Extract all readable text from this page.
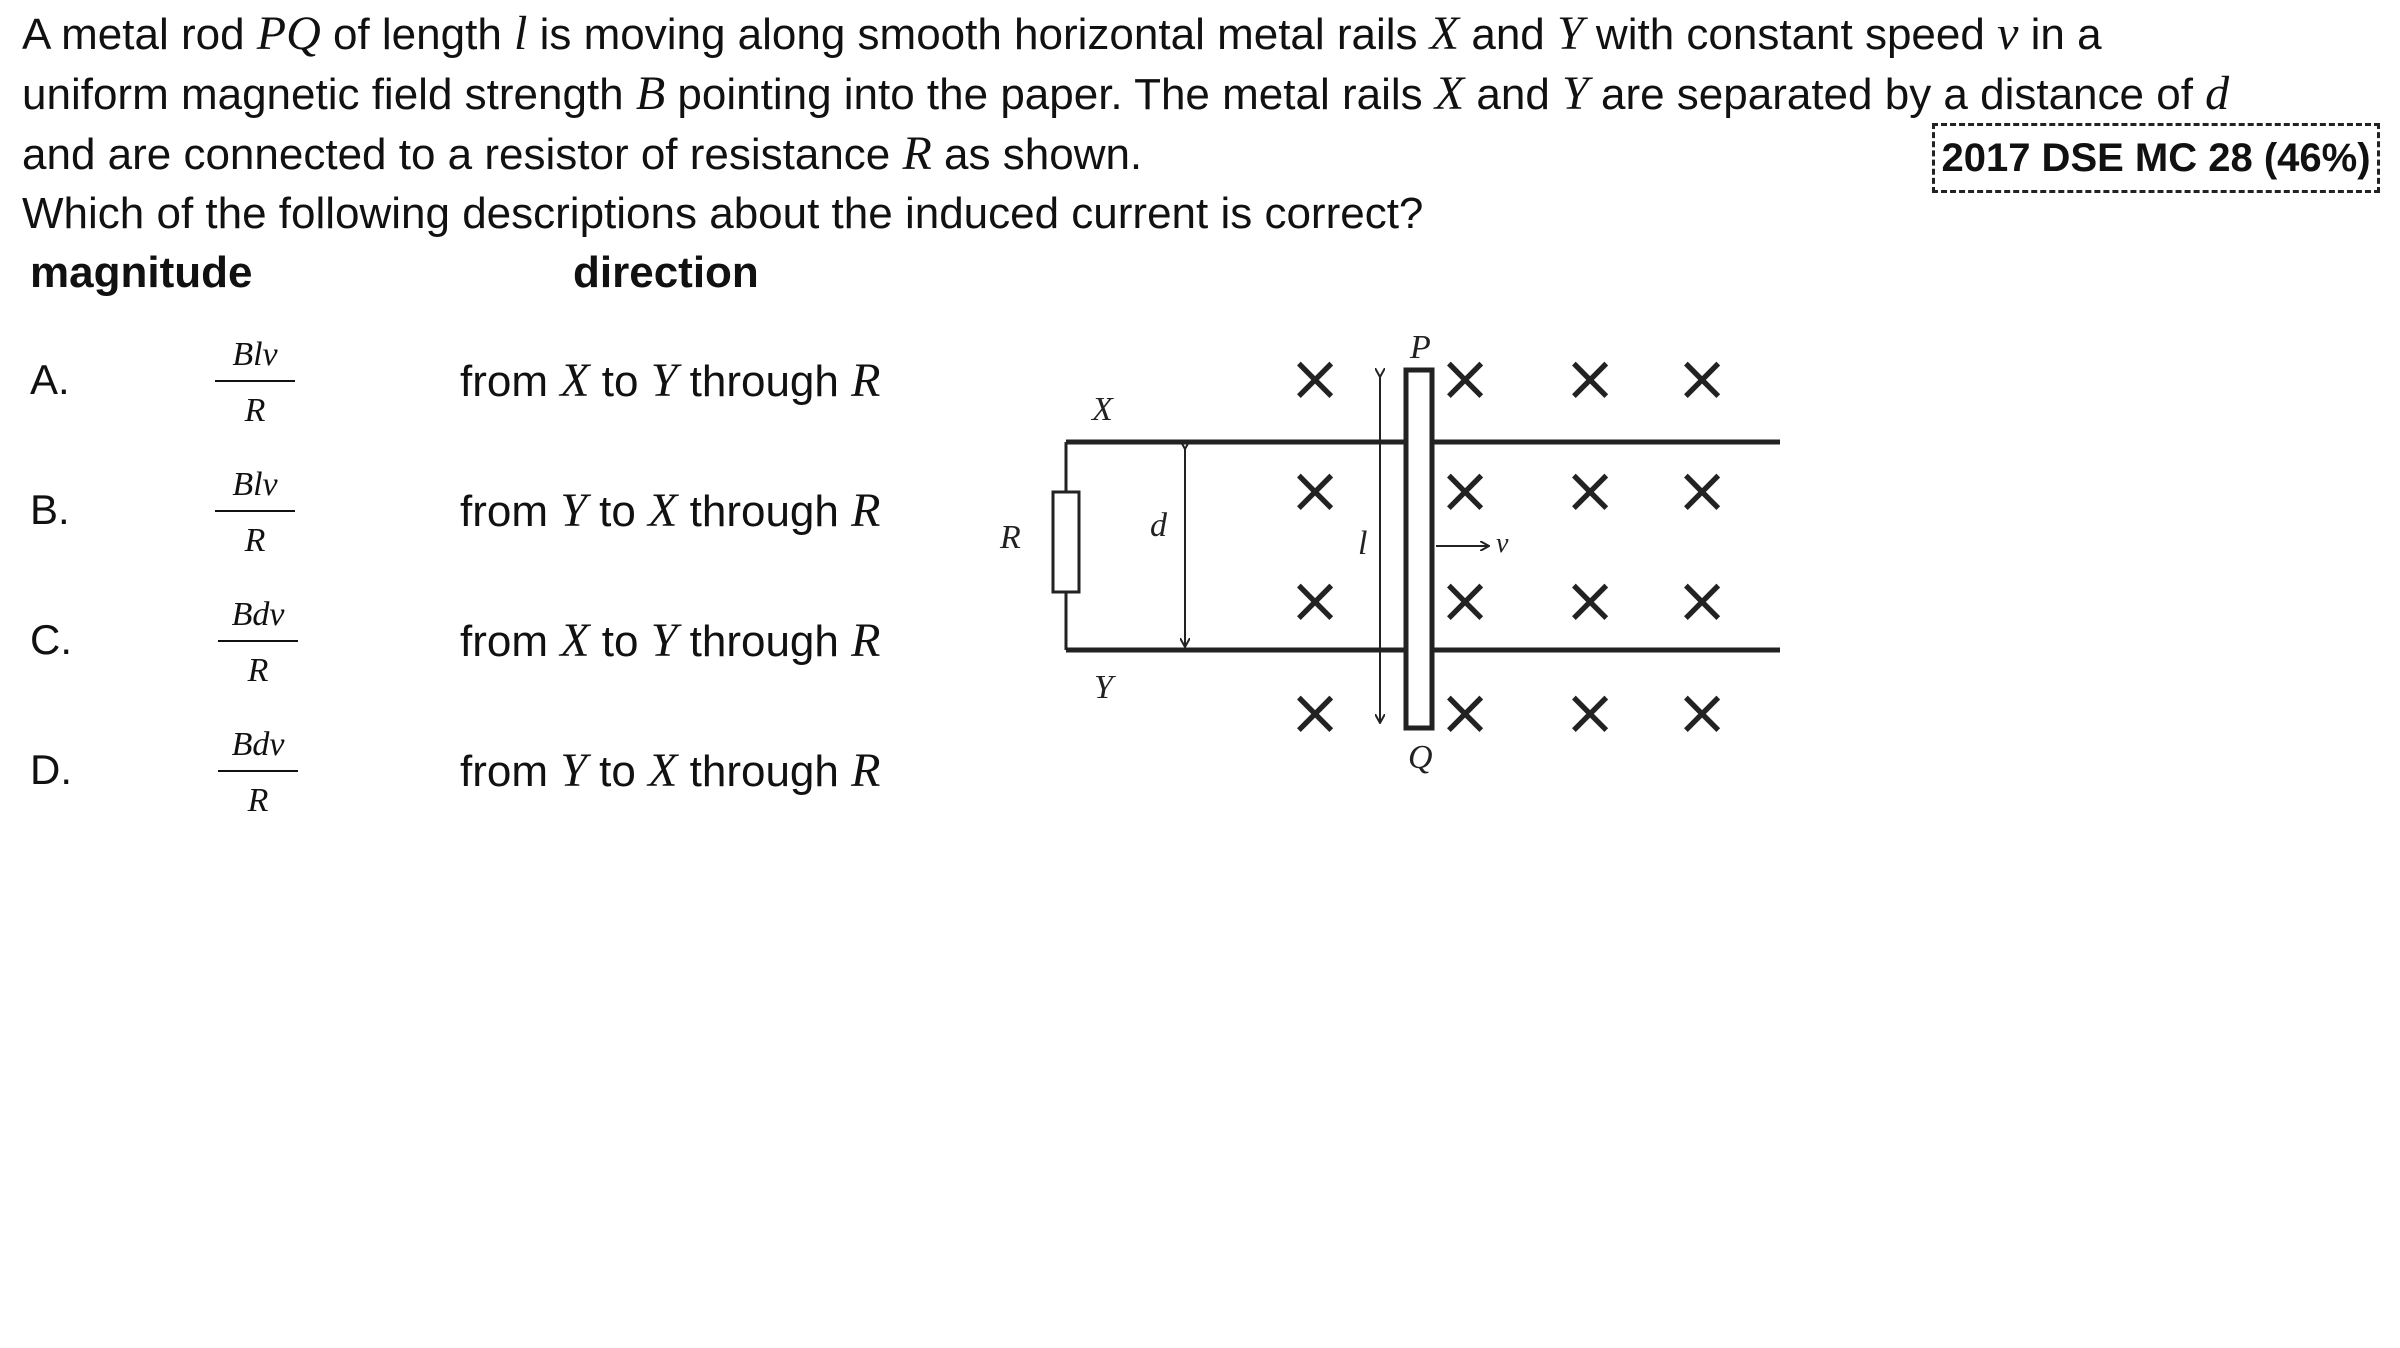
A metal rod PQ of length l is moving along smooth horizontal metal rails X and Y with constant speed v in a
uniform magnetic field strength B pointing into the paper. The metal rails X and Y are separated by a distance of d
and are connected to a resistor of resistance R as shown.
Which of the following descriptions about the induced current is correct?
2017 DSE MC 28 (46%)
magnitude	direction
A.
Blv
R
from X to Y through R
B.
Blv
R
from Y to X through R
C.
Bdv
R
from X to Y through R
D.
Bdv
R
from Y to X through R
× × × ×
× × × ×
× × × ×
× × × ×
P
Q
X
Y
R	d	l	v
